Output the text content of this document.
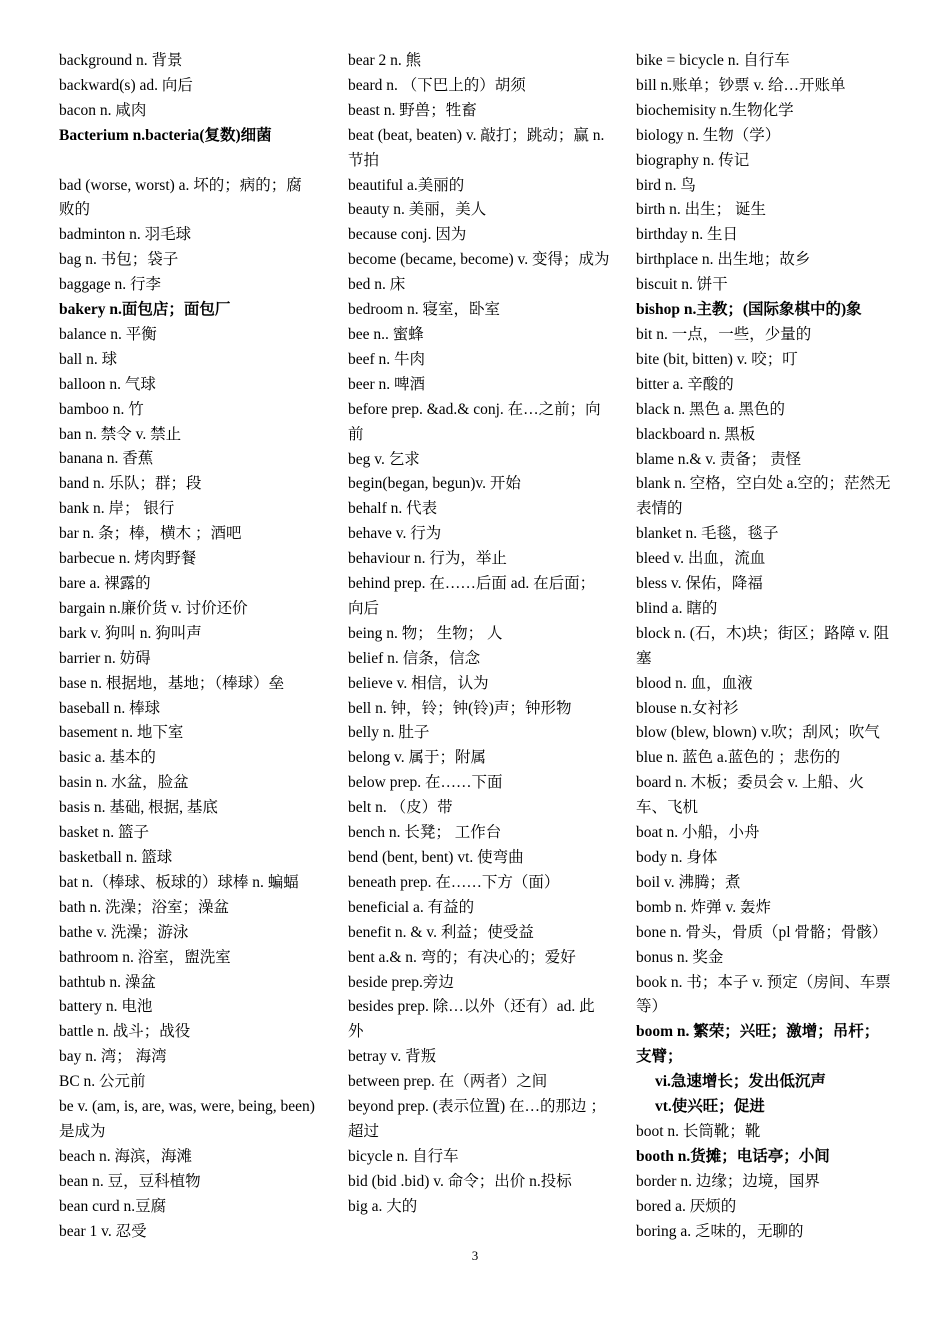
background n. 背景
backward(s) ad. 向后
bacon n. 咸肉
Bacterium n.bacteria(复数)细菌
bad (worse, worst) a. 坏的；病的；腐败的
badminton n. 羽毛球
bag n. 书包；袋子
baggage n. 行李
bakery n.面包店；面包厂
balance n. 平衡
ball n. 球
balloon n. 气球
bamboo n. 竹
ban n. 禁令 v. 禁止
banana n. 香蕉
band n. 乐队；群；段
bank n. 岸； 银行
bar n. 条；棒，横木 ；酒吧
barbecue n. 烤肉野餐
bare a. 裸露的
bargain n.廉价货 v. 讨价还价
bark v. 狗叫 n. 狗叫声
barrier n. 妨碍
base n. 根据地，基地；（棒球）垒
baseball n. 棒球
basement n. 地下室
basic a. 基本的
basin n. 水盆，脸盆
basis n. 基础, 根据, 基底
basket n. 篮子
basketball n. 篮球
bat n.（棒球、板球的）球棒 n. 蝙蝠
bath n. 洗澡；浴室；澡盆
bathe v. 洗澡；游泳
bathroom n. 浴室，盥洗室
bathtub n. 澡盆
battery n. 电池
battle n. 战斗；战役
bay n. 湾； 海湾
BC n. 公元前
be v. (am, is, are, was, were, being, been) 是成为
beach n. 海滨，海滩
bean n. 豆，豆科植物
bean curd n.豆腐
bear 1 v. 忍受
bear 2 n. 熊
beard n. （下巴上的）胡须
beast n. 野兽；牲畜
beat (beat, beaten) v. 敲打；跳动；赢 n. 节拍
beautiful a.美丽的
beauty n. 美丽，美人
because conj. 因为
become (became, become) v. 变得；成为
bed n. 床
bedroom n. 寝室，卧室
bee n.. 蜜蜂
beef n. 牛肉
beer n. 啤酒
before prep. &ad.& conj. 在…之前；向前
beg v. 乞求
begin(began, begun)v. 开始
behalf n. 代表
behave v. 行为
behaviour n. 行为，举止
behind prep. 在……后面 ad. 在后面；向后
being n. 物； 生物； 人
belief n. 信条，信念
believe v. 相信，认为
bell n. 钟，铃；钟(铃)声；钟形物
belly n. 肚子
belong v. 属于；附属
below prep. 在……下面
belt n. （皮）带
bench n. 长凳； 工作台
bend (bent, bent) vt. 使弯曲
beneath prep. 在……下方（面）
beneficial a. 有益的
benefit n. & v. 利益；使受益
bent a.& n. 弯的；有决心的；爱好
beside prep.旁边
besides prep. 除…以外（还有）ad. 此外
betray v. 背叛
between prep. 在（两者）之间
beyond prep. (表示位置) 在…的那边 ；超过
bicycle n. 自行车
bid (bid .bid) v. 命令；出价 n.投标
big a. 大的
bike = bicycle n. 自行车
bill n.账单；钞票 v. 给…开账单
biochemisity n.生物化学
biology n. 生物（学）
biography n. 传记
bird n. 鸟
birth n. 出生； 诞生
birthday n. 生日
birthplace n. 出生地；故乡
biscuit n. 饼干
bishop n.主教；(国际象棋中的)象
bit n. 一点，一些，少量的
bite (bit, bitten) v. 咬；叮
bitter a. 辛酸的
black n. 黑色 a. 黑色的
blackboard n. 黑板
blame n.& v. 责备； 责怪
blank n. 空格，空白处 a.空的；茫然无表情的
blanket n. 毛毯，毯子
bleed v. 出血，流血
bless v. 保佑，降福
blind a. 瞎的
block n. (石，木)块；街区；路障 v. 阻塞
blood n. 血，血液
blouse n.女衬衫
blow (blew, blown) v.吹；刮风；吹气
blue n. 蓝色 a.蓝色的 ；悲伤的
board n. 木板；委员会 v. 上船、火车、飞机
boat n. 小船，小舟
body n. 身体
boil v. 沸腾；煮
bomb n. 炸弹 v. 轰炸
bone n. 骨头，骨质（pl 骨骼；骨骸）
bonus n. 奖金
book n. 书；本子 v. 预定（房间、车票等）
boom n. 繁荣；兴旺；激增；吊杆；支臂；
vi.急速增长；发出低沉声
vt.使兴旺；促进
boot n. 长筒靴；靴
booth n.货摊；电话亭；小间
border n. 边缘；边境，国界
bored a. 厌烦的
boring a. 乏味的，无聊的
3
